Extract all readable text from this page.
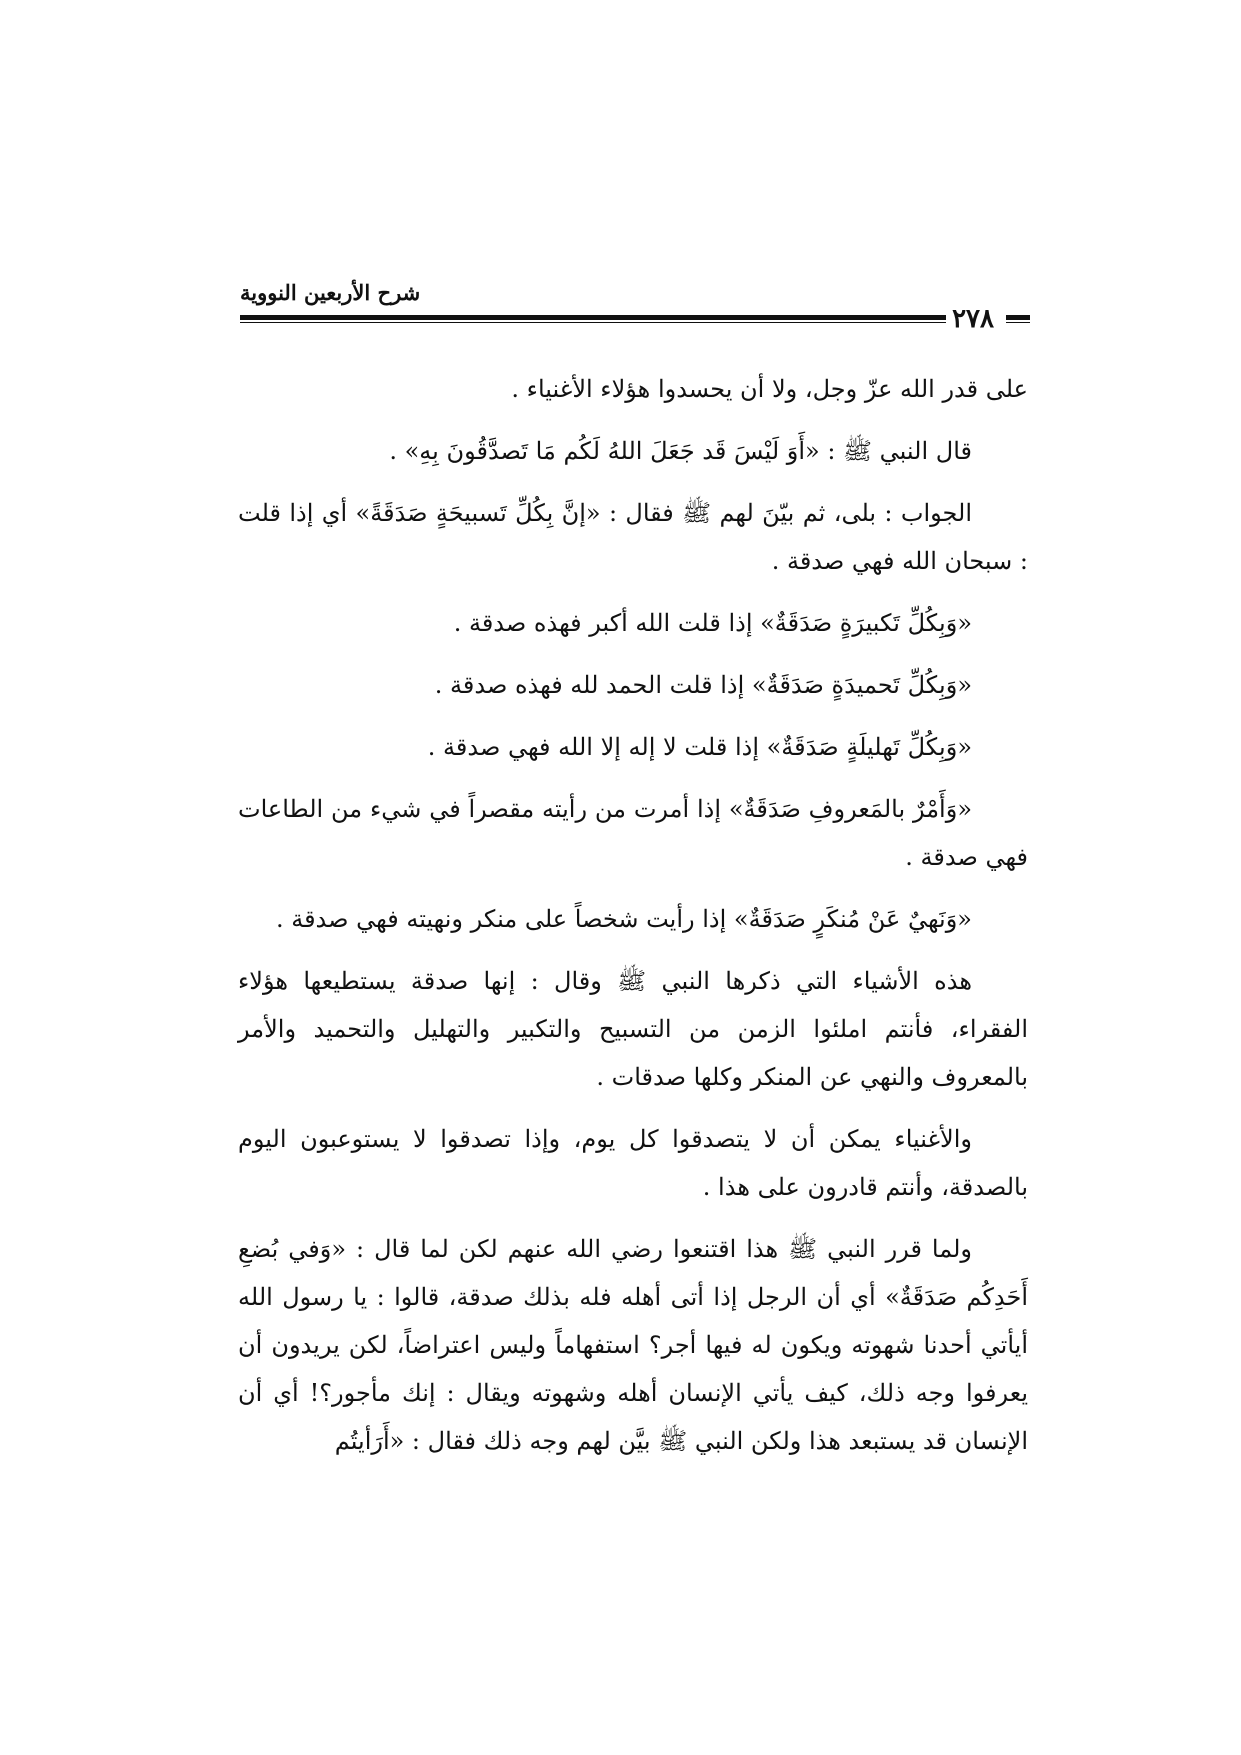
شرح الأربعين النووية
٢٧٨

على قدر الله عزّ وجل، ولا أن يحسدوا هؤلاء الأغنياء .

قال النبي ﷺ : «أَوَ لَيْسَ قَد جَعَلَ اللهُ لَكُم مَا تَصدَّقُونَ بِهِ» .

الجواب : بلى، ثم بيّنَ لهم ﷺ فقال : «إنَّ بِكُلِّ تَسبيحَةٍ صَدَقَةً» أي إذا قلت : سبحان الله فهي صدقة .

«وَبِكُلِّ تَكبيرَةٍ صَدَقَةٌ» إذا قلت الله أكبر فهذه صدقة .

«وَبِكُلِّ تَحميدَةٍ صَدَقَةٌ» إذا قلت الحمد لله فهذه صدقة .

«وَبِكُلِّ تَهليلَةٍ صَدَقَةٌ» إذا قلت لا إله إلا الله فهي صدقة .

«وَأَمْرٌ بالمَعروفِ صَدَقَةٌ» إذا أمرت من رأيته مقصراً في شيء من الطاعات فهي صدقة .

«وَنَهيٌ عَنْ مُنكَرٍ صَدَقَةٌ» إذا رأيت شخصاً على منكر ونهيته فهي صدقة .

هذه الأشياء التي ذكرها النبي ﷺ وقال : إنها صدقة يستطيعها هؤلاء الفقراء، فأنتم املئوا الزمن من التسبيح والتكبير والتهليل والتحميد والأمر بالمعروف والنهي عن المنكر وكلها صدقات .

والأغنياء يمكن أن لا يتصدقوا كل يوم، وإذا تصدقوا لا يستوعبون اليوم بالصدقة، وأنتم قادرون على هذا .

ولما قرر النبي ﷺ هذا اقتنعوا رضي الله عنهم لكن لما قال : «وَفي بُضعِ أَحَدِكُم صَدَقَةٌ» أي أن الرجل إذا أتى أهله فله بذلك صدقة، قالوا : يا رسول الله أيأتي أحدنا شهوته ويكون له فيها أجر؟ استفهاماً وليس اعتراضاً، لكن يريدون أن يعرفوا وجه ذلك، كيف يأتي الإنسان أهله وشهوته ويقال : إنك مأجور؟! أي أن الإنسان قد يستبعد هذا ولكن النبي ﷺ بيَّن لهم وجه ذلك فقال : «أَرَأيتُم
